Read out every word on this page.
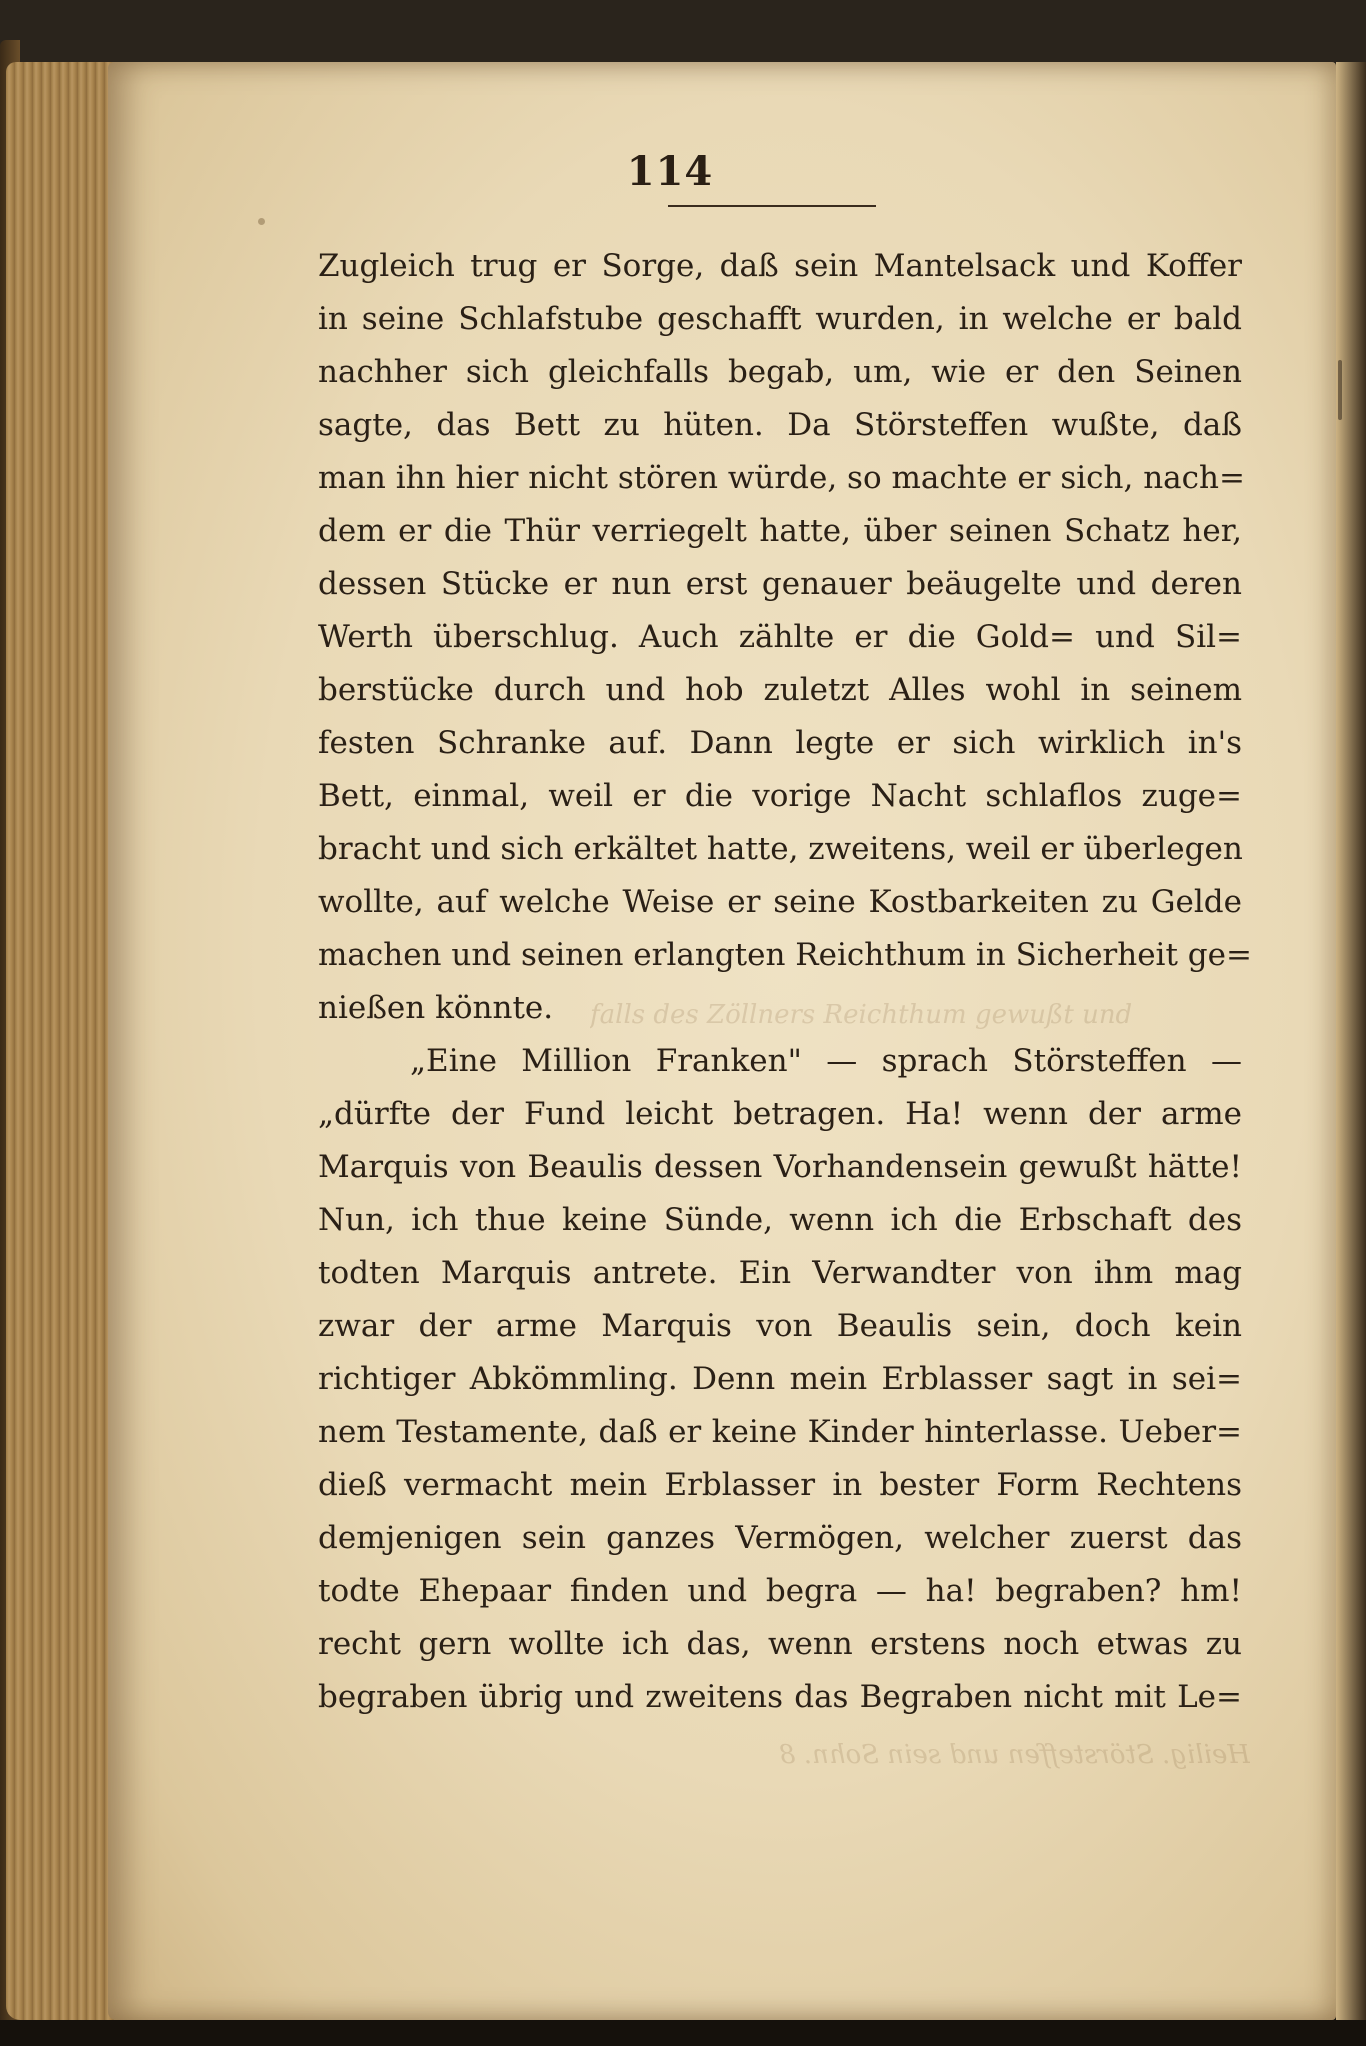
falls des Zöllners Reichthum gewußt und
Heilig. Störsteffen und sein Sohn. 8
114
Zugleich trug er Sorge, daß sein Mantelsack und Koffer
in seine Schlafstube geschafft wurden, in welche er bald
nachher sich gleichfalls begab, um, wie er den Seinen
sagte, das Bett zu hüten. Da Störsteffen wußte, daß
man ihn hier nicht stören würde, so machte er sich, nach=
dem er die Thür verriegelt hatte, über seinen Schatz her,
dessen Stücke er nun erst genauer beäugelte und deren
Werth überschlug. Auch zählte er die Gold= und Sil=
berstücke durch und hob zuletzt Alles wohl in seinem
festen Schranke auf. Dann legte er sich wirklich in's
Bett, einmal, weil er die vorige Nacht schlaflos zuge=
bracht und sich erkältet hatte, zweitens, weil er überlegen
wollte, auf welche Weise er seine Kostbarkeiten zu Gelde
machen und seinen erlangten Reichthum in Sicherheit ge=
nießen könnte.
„Eine Million Franken" — sprach Störsteffen —
„dürfte der Fund leicht betragen. Ha! wenn der arme
Marquis von Beaulis dessen Vorhandensein gewußt hätte!
Nun, ich thue keine Sünde, wenn ich die Erbschaft des
todten Marquis antrete. Ein Verwandter von ihm mag
zwar der arme Marquis von Beaulis sein, doch kein
richtiger Abkömmling. Denn mein Erblasser sagt in sei=
nem Testamente, daß er keine Kinder hinterlasse. Ueber=
dieß vermacht mein Erblasser in bester Form Rechtens
demjenigen sein ganzes Vermögen, welcher zuerst das
todte Ehepaar finden und begra — ha! begraben? hm!
recht gern wollte ich das, wenn erstens noch etwas zu
begraben übrig und zweitens das Begraben nicht mit Le=
